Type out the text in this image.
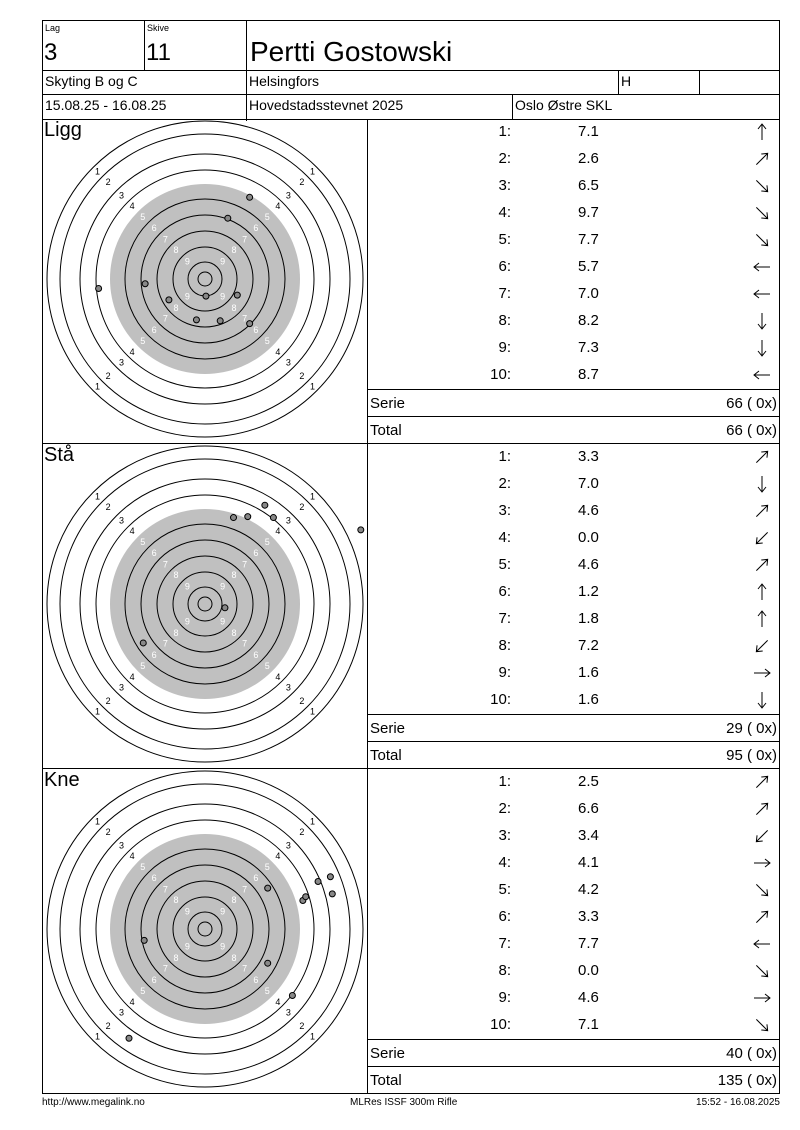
Lag
3
Skive
11	Pertti Gostowski
Skyting B og C	Helsingfors	H
15.08.25 - 16.08.25	Hovedstadsstevnet 2025	Oslo Østre SKL
Ligg
1
2
3
4
5
6
7
8
9
1
2
3
4
5
6
7
8
9
1
2
3
4
5
6
7
8
9
1
2
3
4
5
6
7
8
9
1:	7.1
2:	2.6
3:	6.5
4:	9.7
5:	7.7
6:	5.7
7:	7.0
8:	8.2
9:	7.3
10:	8.7
Serie	66 ( 0x)
Total	66 ( 0x)
Stå
1
2
3
4
5
6
7
8
9
1
2
3
4
5
6
7
8
9
1
2
3
4
5
6
7
8
9
1
2
3
4
5
6
7
8
9
1:	3.3
2:	7.0
3:	4.6
4:	0.0
5:	4.6
6:	1.2
7:	1.8
8:	7.2
9:	1.6
10:	1.6
Serie	29 ( 0x)
Total	95 ( 0x)
Kne
1
2
3
4
5
6
7
8
9
1
2
3
4
5
6
7
8
9
1
2
3
4
5
6
7
8
9
1
2
3
4
5
6
7
8
9
1:	2.5
2:	6.6
3:	3.4
4:	4.1
5:	4.2
6:	3.3
7:	7.7
8:	0.0
9:	4.6
10:	7.1
Serie	40 ( 0x)
Total	135 ( 0x)
http://www.megalink.no	MLRes ISSF 300m Rifle	15:52 - 16.08.2025
